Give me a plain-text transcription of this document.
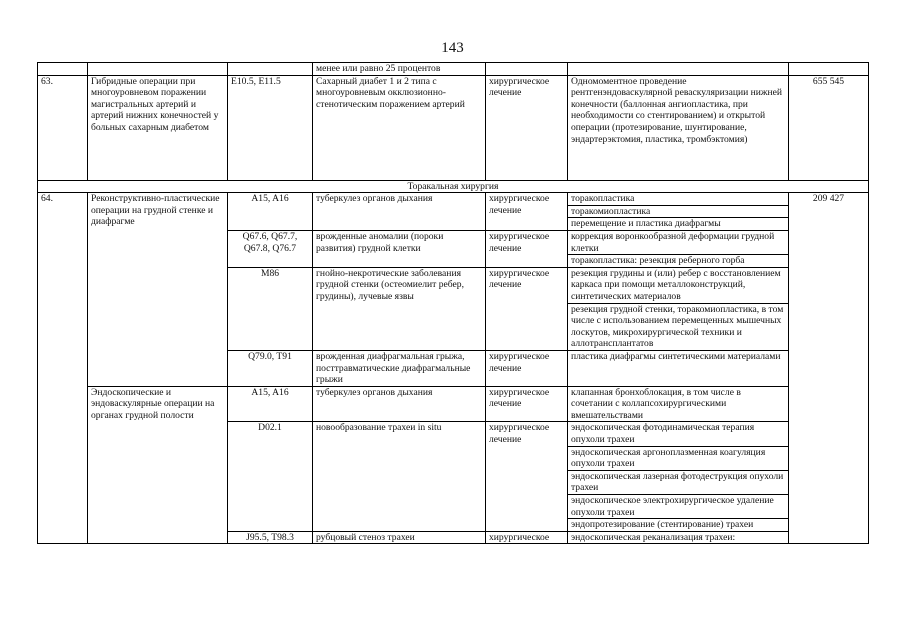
143
			менее или равно 25 процентов			
63.	Гибридные операции при многоуровневом поражении магистральных артерий и артерий нижних конечностей у больных сахарным диабетом	E10.5, E11.5	Сахарный диабет 1 и 2 типа с многоуровневым окклюзионно-стенотическим поражением артерий	хирургическое лечение	Одномоментное проведение рентгенэндоваскулярной реваскуляризации нижней конечности (баллонная ангиопластика, при необходимости со стентированием) и открытой операции (протезирование, шунтирование, эндартерэктомия, пластика, тромбэктомия)	655 545
Торакальная хирургия						
64.	Реконструктивно-пластические операции на грудной стенке и диафрагме	A15, A16	туберкулез органов дыхания	хирургическое лечение	торакопластика
торакомиопластика
перемещение и пластика диафрагмы	209 427
		Q67.6, Q67.7, Q67.8, Q76.7	врожденные аномалии (пороки развития) грудной клетки	хирургическое лечение	коррекция воронкообразной деформации грудной клетки
торакопластика: резекция реберного горба	

		M86	гнойно-некротические заболевания грудной стенки (остеомиелит ребер, грудины), лучевые язвы	хирургическое лечение	резекция грудины и (или) ребер с восстановлением каркаса при помощи металлоконструкций, синтетических материалов
резекция грудной стенки, торакомиопластика, в том числе с использованием перемещенных мышечных лоскутов, микрохирургической техники и аллотрансплантатов	

		Q79.0, T91	врожденная диафрагмальная грыжа, посттравматические диафрагмальные грыжи	хирургическое лечение	пластика диафрагмы синтетическими материалами	

	Эндоскопические и эндоваскулярные операции на органах грудной полости	A15, A16	туберкулез органов дыхания	хирургическое лечение	клапанная бронхоблокация, в том числе в сочетании с коллапсохирургическими вмешательствами	

		D02.1	новообразование трахеи in situ	хирургическое лечение	эндоскопическая фотодинамическая терапия опухоли трахеи
эндоскопическая аргоноплазменная коагуляция опухоли трахеи
эндоскопическая лазерная фотодеструкция опухоли трахеи
эндоскопическое электрохирургическое удаление опухоли трахеи
эндопротезирование (стентирование) трахеи	

		J95.5, T98.3	рубцовый стеноз трахеи	хирургическое	эндоскопическая реканализация трахеи:	
